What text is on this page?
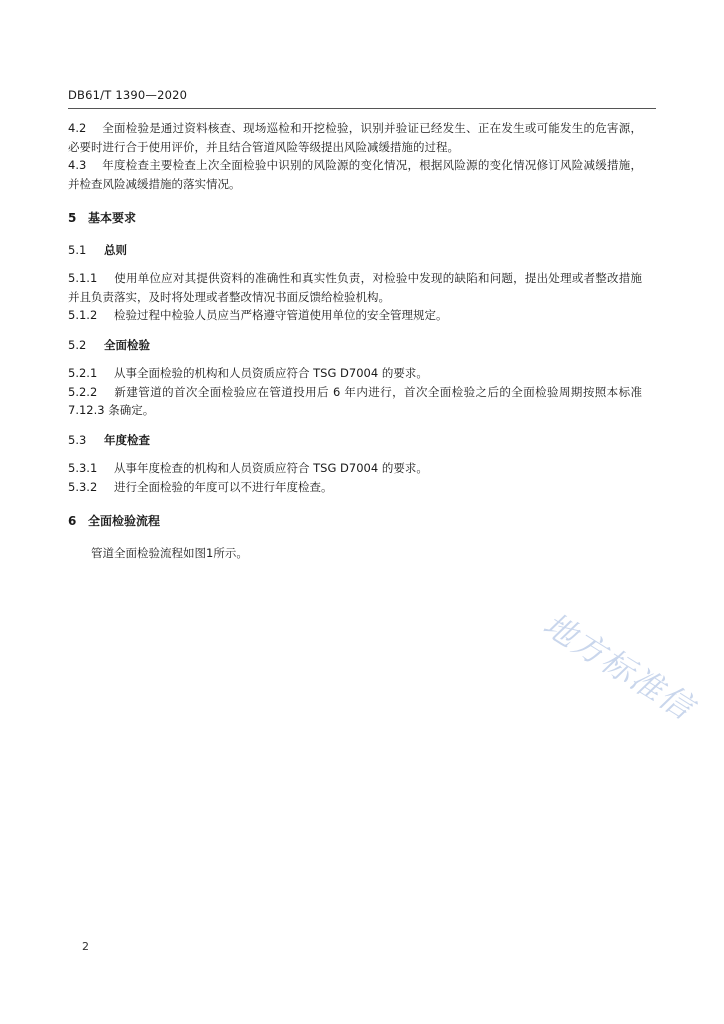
DB61/T 1390—2020

4.2 全面检验是通过资料核查、现场巡检和开挖检验，识别并验证已经发生、正在发生或可能发生的危害源，必要时进行合于使用评价，并且结合管道风险等级提出风险减缓措施的过程。

4.3 年度检查主要检查上次全面检验中识别的风险源的变化情况，根据风险源的变化情况修订风险减缓措施，并检查风险减缓措施的落实情况。

5 基本要求
5.1 总则

5.1.1 使用单位应对其提供资料的准确性和真实性负责，对检验中发现的缺陷和问题，提出处理或者整改措施并且负责落实，及时将处理或者整改情况书面反馈给检验机构。

5.1.2 检验过程中检验人员应当严格遵守管道使用单位的安全管理规定。

5.2 全面检验

5.2.1 从事全面检验的机构和人员资质应符合 TSG D7004 的要求。

5.2.2 新建管道的首次全面检验应在管道投用后 6 年内进行，首次全面检验之后的全面检验周期按照本标准 7.12.3 条确定。

5.3 年度检查

5.3.1 从事年度检查的机构和人员资质应符合 TSG D7004 的要求。

5.3.2 进行全面检验的年度可以不进行年度检查。

6 全面检验流程

管道全面检验流程如图1所示。

地方标准信
2
